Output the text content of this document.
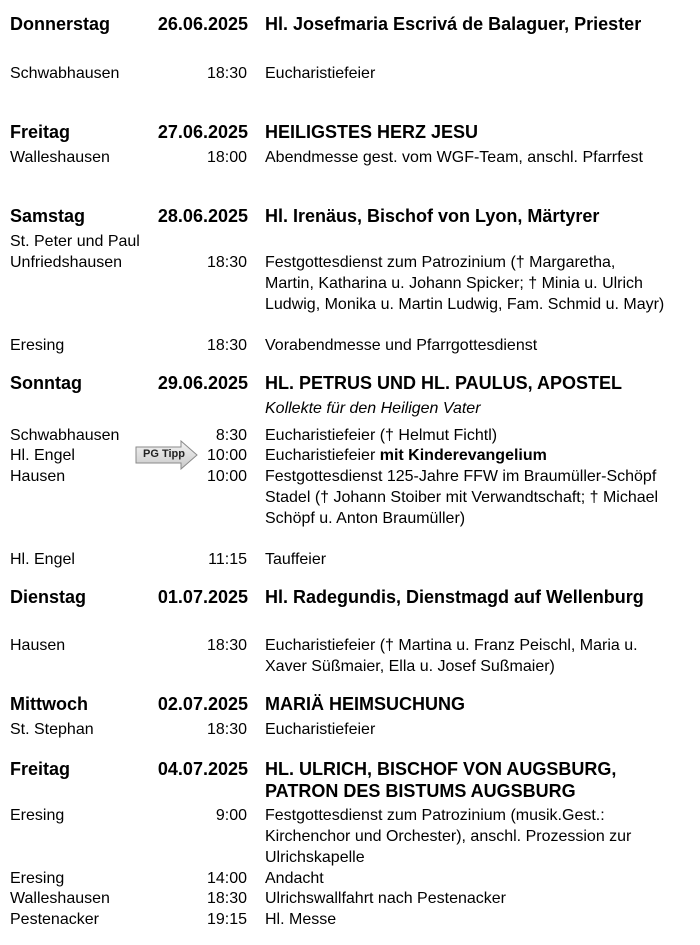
Donnerstag	26.06.2025 Hl. Josefmaria Escrivá de Balaguer, Priester
Schwabhausen	18:30 Eucharistiefeier
Freitag	27.06.2025 HEILIGSTES HERZ JESU
Walleshausen	18:00 Abendmesse gest. vom WGF-Team, anschl. Pfarrfest
Samstag	28.06.2025 Hl. Irenäus, Bischof von Lyon, Märtyrer
St. Peter und Paul
Unfriedshausen	18:30 Festgottesdienst zum Patrozinium († Margaretha, Martin, Katharina u. Johann Spicker; † Minia u. Ulrich Ludwig, Monika u. Martin Ludwig, Fam. Schmid u. Mayr)
Eresing	18:30 Vorabendmesse und Pfarrgottesdienst
Sonntag	29.06.2025 HL. PETRUS UND HL. PAULUS, APOSTEL
Kollekte für den Heiligen Vater
Schwabhausen	8:30 Eucharistiefeier († Helmut Fichtl)
Hl. Engel	10:00 Eucharistiefeier mit Kinderevangelium
Hausen	10:00 Festgottesdienst 125-Jahre FFW im Braumüller-Schöpf Stadel († Johann Stoiber mit Verwandtschaft; † Michael Schöpf u. Anton Braumüller)
Hl. Engel	11:15 Tauffeier
PG Tipp
Dienstag	01.07.2025 Hl. Radegundis, Dienstmagd auf Wellenburg
Hausen	18:30 Eucharistiefeier († Martina u. Franz Peischl, Maria u. Xaver Süßmaier, Ella u. Josef Sußmaier)
Mittwoch	02.07.2025 MARIÄ HEIMSUCHUNG
St. Stephan	18:30 Eucharistiefeier
Freitag	04.07.2025 HL. ULRICH, BISCHOF VON AUGSBURG, PATRON DES BISTUMS AUGSBURG
Eresing	9:00 Festgottesdienst zum Patrozinium (musik.Gest.: Kirchenchor und Orchester), anschl. Prozession zur Ulrichskapelle
Eresing	14:00 Andacht
Walleshausen	18:30 Ulrichswallfahrt nach Pestenacker
Pestenacker	19:15 Hl. Messe
